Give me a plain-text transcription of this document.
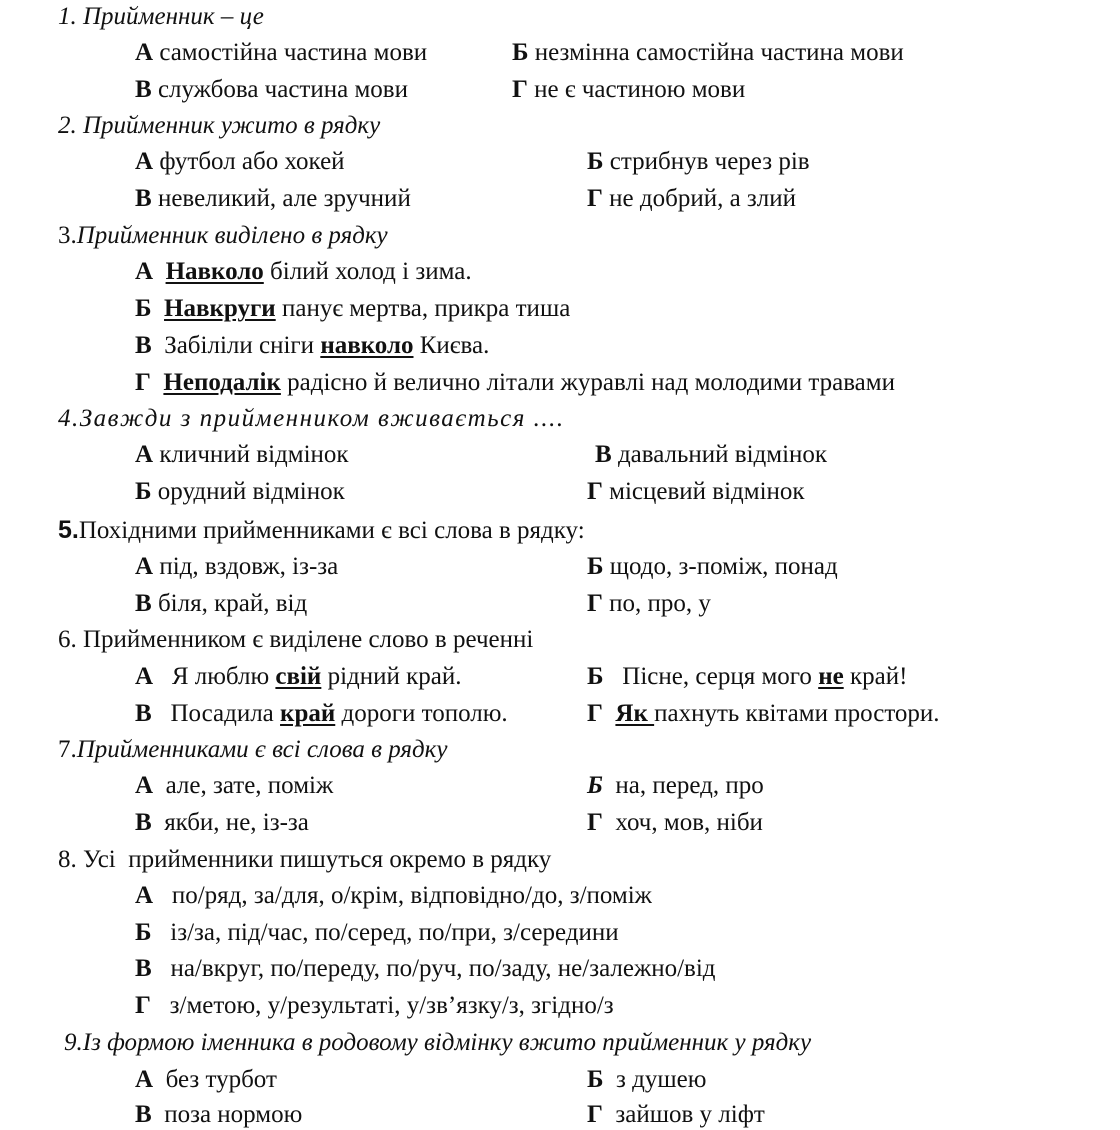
1. Прийменник – це
А самостійна частина мови	Б незмінна самостійна частина мови
В службова частина мови	Г не є частиною мови
2. Прийменник ужито в рядку
А футбол або хокей	Б стрибнув через рів
В невеликий, але зручний	Г не добрий, а злий
3.Прийменник виділено в рядку
А Навколо білий холод і зима.
Б Навкруги панує мертва, прикра тиша
В Забіліли сніги навколо Києва.
Г Неподалік радісно й велично літали журавлі над молодими травами
4.Завжди з прийменником вживається ....
А кличний відмінок	В давальний відмінок
Б орудний відмінок	Г місцевий відмінок
5.Похідними прийменниками є всі слова в рядку:
А під, вздовж, із-за	Б щодо, з-поміж, понад
В біля, край, від	Г по, про, у
6. Прийменником є виділене слово в реченні
А   Я люблю свій рідний край.	Б   Пісне, серця мого не край!
В   Посадила край дороги тополю.	Г Як пахнуть квітами простори.
7.Прийменниками є всі слова в рядку
А  але, зате, поміж	Б  на, перед, про
В  якби, не, із-за	Г  хоч, мов, ніби
8. Усі  прийменники пишуться окремо в рядку
А   по/ряд, за/для, о/крім, відповідно/до, з/поміж
Б   із/за, під/час, по/серед, по/при, з/середини
В   на/вкруг, по/переду, по/руч, по/заду, не/залежно/від
Г   з/метою, у/результаті, у/зв’язку/з, згідно/з
9.Із формою іменника в родовому відмінку вжито прийменник у рядку
А  без турбот	Б  з душею
В  поза нормою	Г  зайшов у ліфт
